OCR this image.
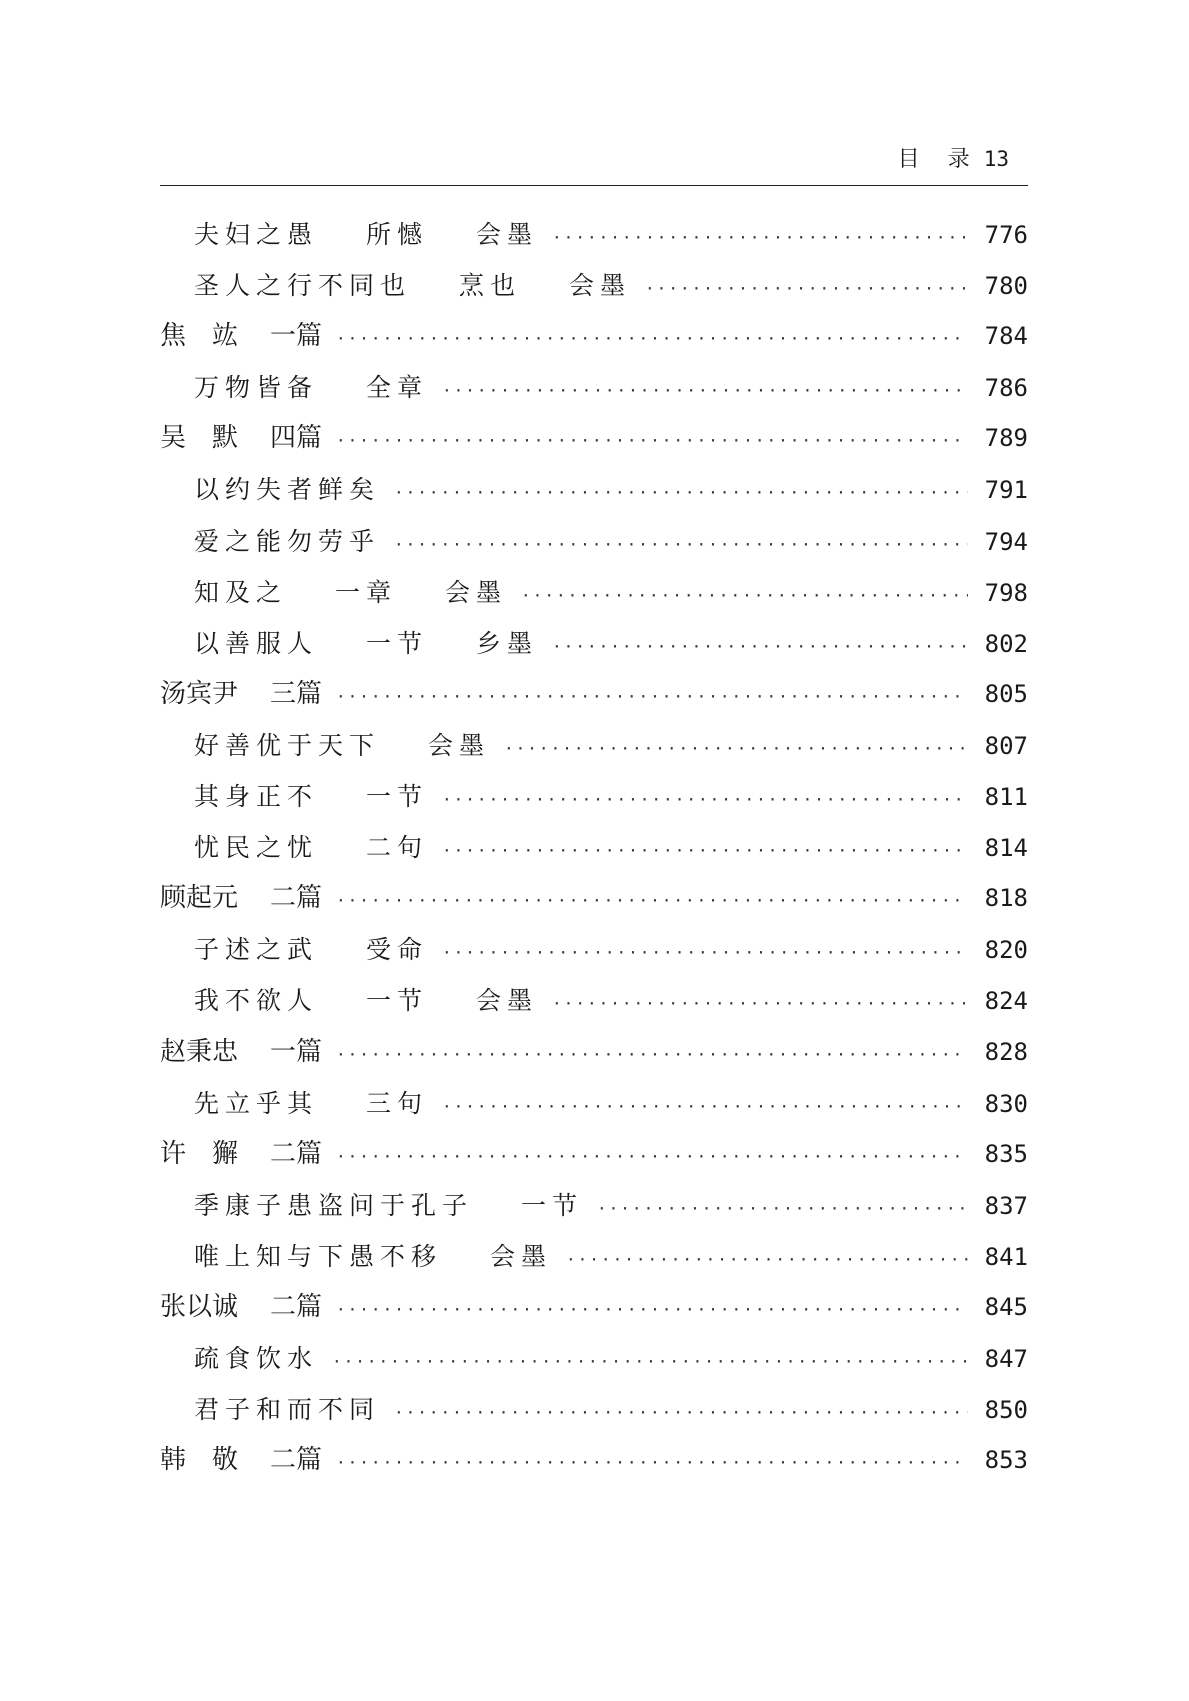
目 录 13
夫妇之愚 所憾 会墨 ·····	776
圣人之行不同也 烹也 会墨 ·····	780
焦　竑 一篇 ·····	784
万物皆备 全章 ·····	786
吴　默 四篇 ·····	789
以约失者鲜矣 ·····	791
爱之能勿劳乎 ·····	794
知及之 一章 会墨 ·····	798
以善服人 一节 乡墨 ·····	802
汤宾尹 三篇 ·····	805
好善优于天下 会墨 ·····	807
其身正不 一节 ·····	811
忧民之忧 二句 ·····	814
顾起元 二篇 ·····	818
子述之武 受命 ·····	820
我不欲人 一节 会墨 ·····	824
赵秉忠 一篇 ·····	828
先立乎其 三句 ·····	830
许　獬 二篇 ·····	835
季康子患盗问于孔子 一节 ·····	837
唯上知与下愚不移 会墨 ·····	841
张以诚 二篇 ·····	845
疏食饮水 ·····	847
君子和而不同 ·····	850
韩　敬 二篇 ·····	853
